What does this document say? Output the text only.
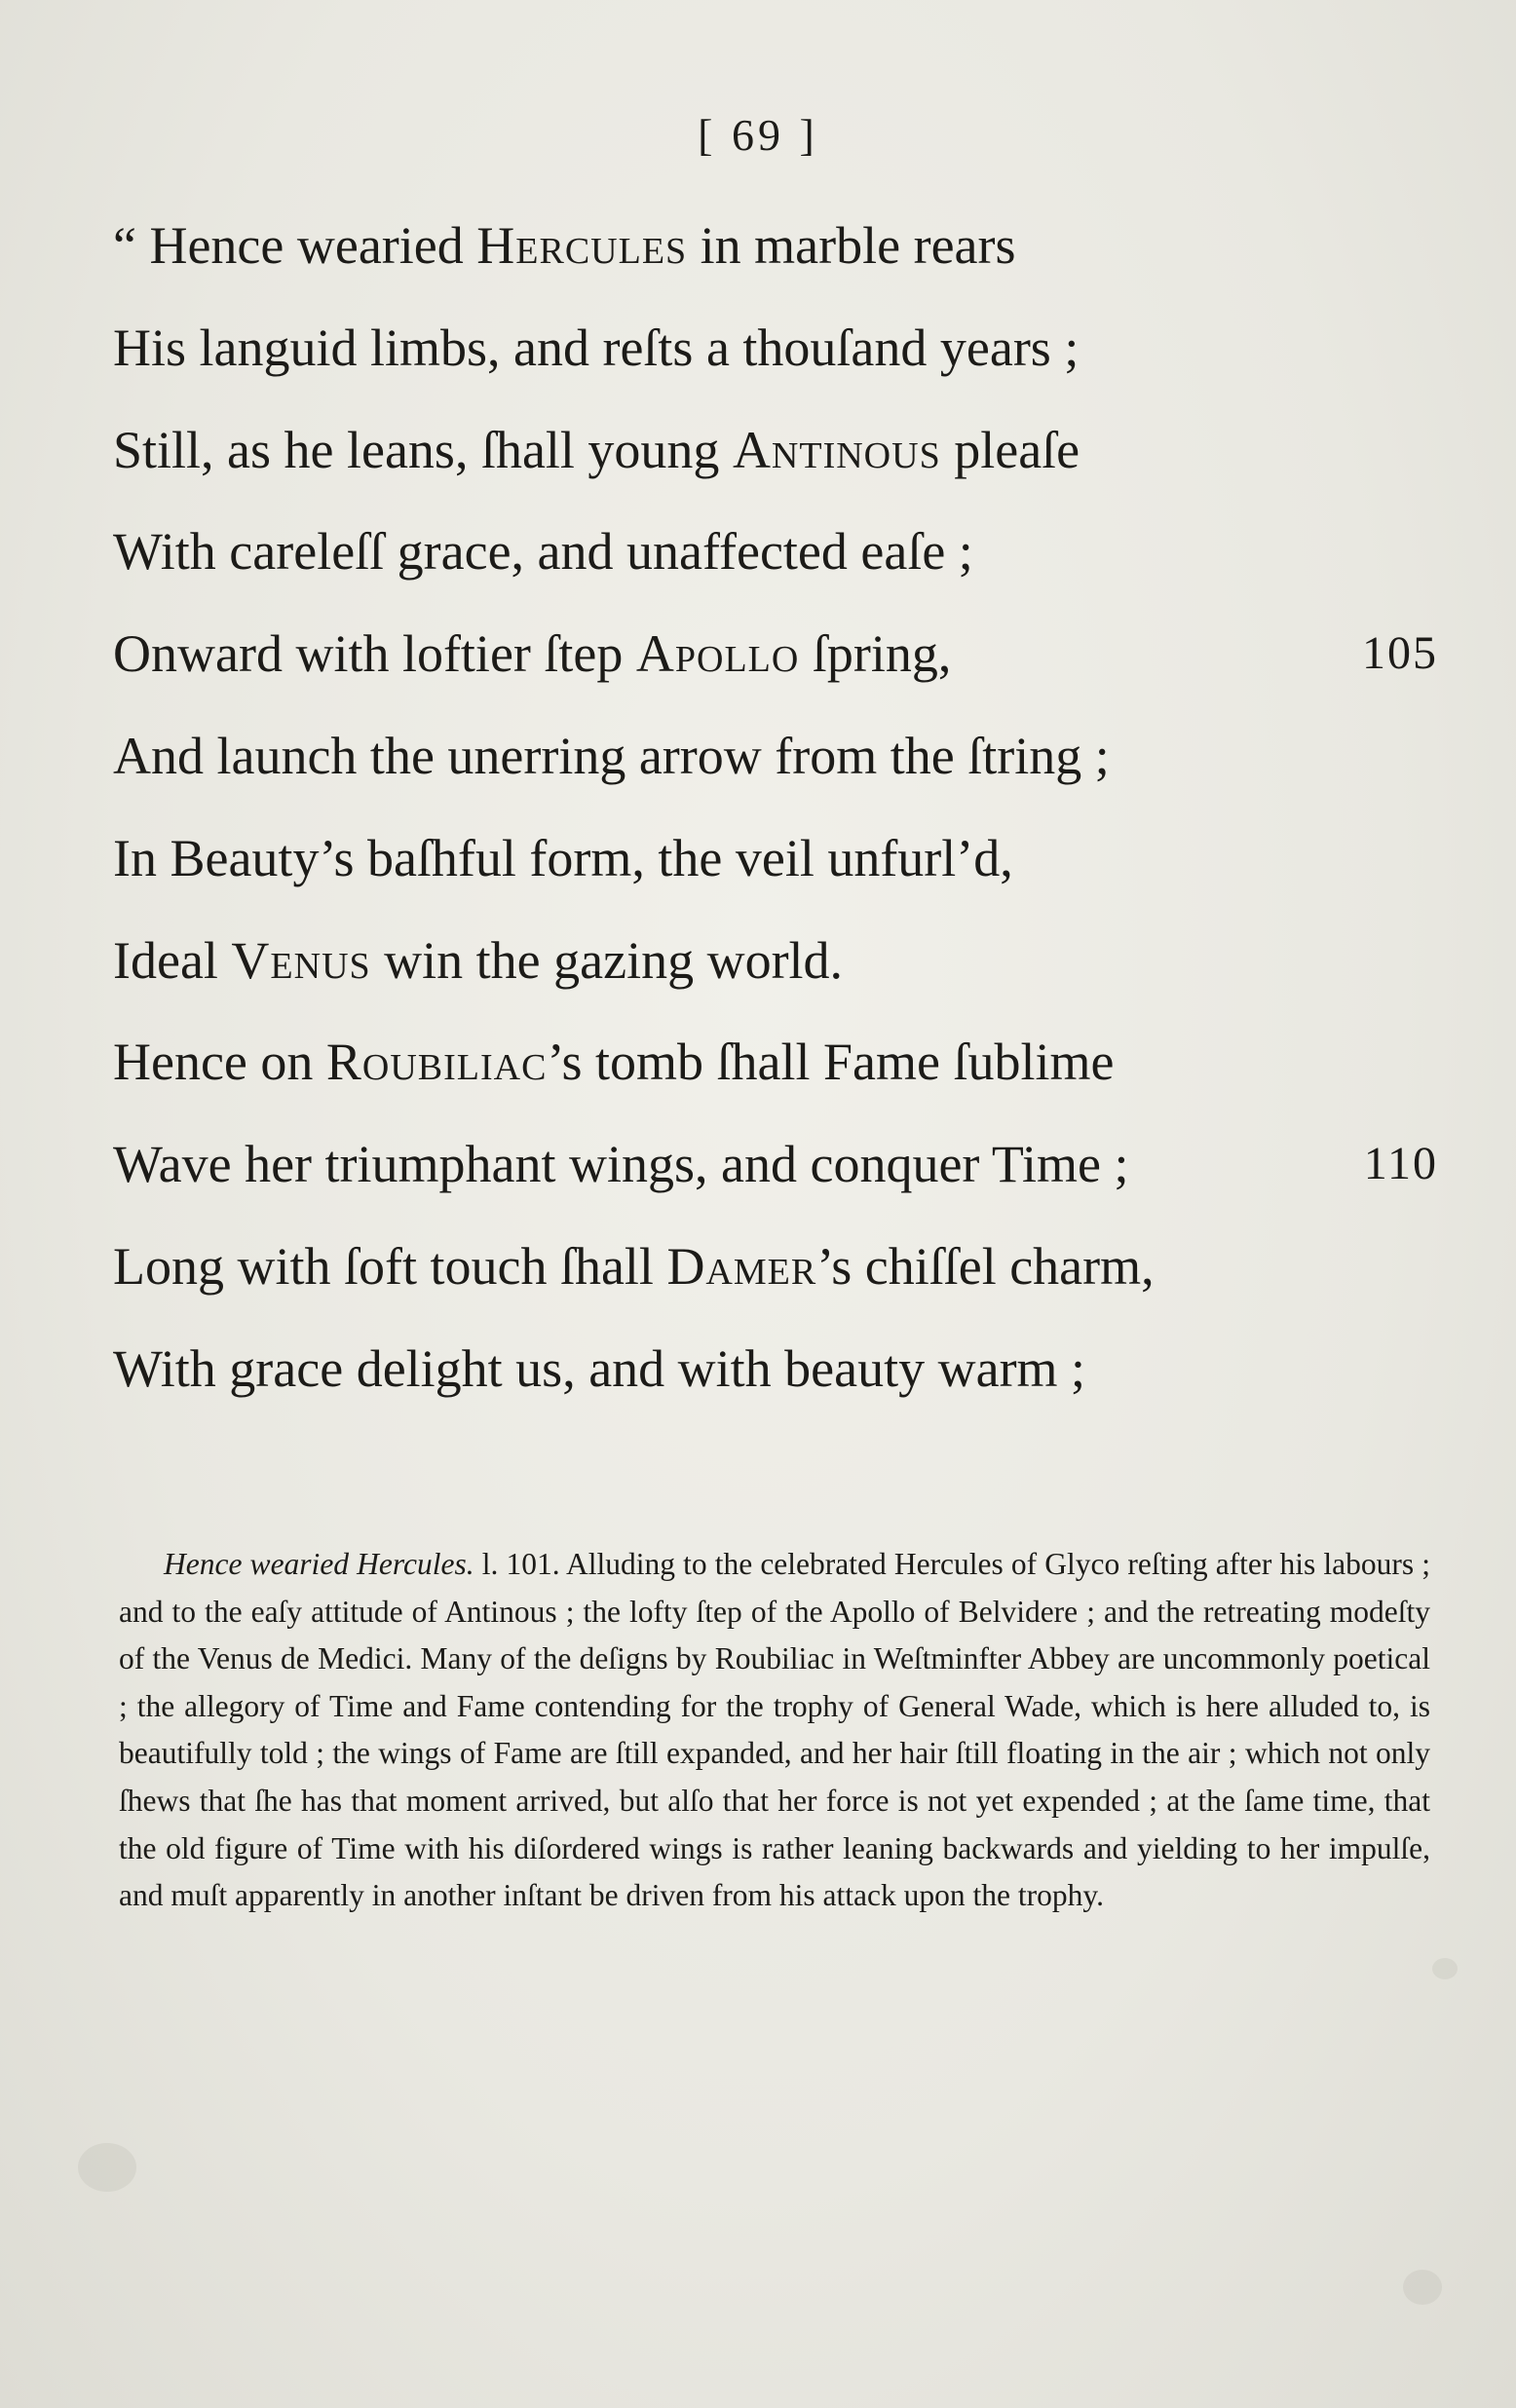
[ 69 ]
“ Hence wearied Hercules in marble rears
His languid limbs, and reſts a thouſand years ;
Still, as he leans, ſhall young Antinous pleaſe
With careleſſ grace, and unaffected eaſe ;
Onward with loftier ſtep Apollo ſpring,	105
And launch the unerring arrow from the ſtring ;
In Beauty’s baſhful form, the veil unfurl’d,
Ideal Venus win the gazing world.
Hence on Roubiliac’s tomb ſhall Fame ſublime
Wave her triumphant wings, and conquer Time ;	110
Long with ſoft touch ſhall Damer’s chiſſel charm,
With grace delight us, and with beauty warm ;
Hence wearied Hercules. l. 101. Alluding to the celebrated Hercules of Glyco reſting after his labours ; and to the eaſy attitude of Antinous ; the lofty ſtep of the Apollo of Belvidere ; and the retreating modeſty of the Venus de Medici. Many of the deſigns by Roubiliac in Weſtminfter Abbey are uncommonly poetical ; the allegory of Time and Fame contending for the trophy of General Wade, which is here alluded to, is beautifully told ; the wings of Fame are ſtill expanded, and her hair ſtill floating in the air ; which not only ſhews that ſhe has that moment arrived, but alſo that her force is not yet expended ; at the ſame time, that the old figure of Time with his diſordered wings is rather leaning backwards and yielding to her impulſe, and muſt apparently in another inſtant be driven from his attack upon the trophy.
